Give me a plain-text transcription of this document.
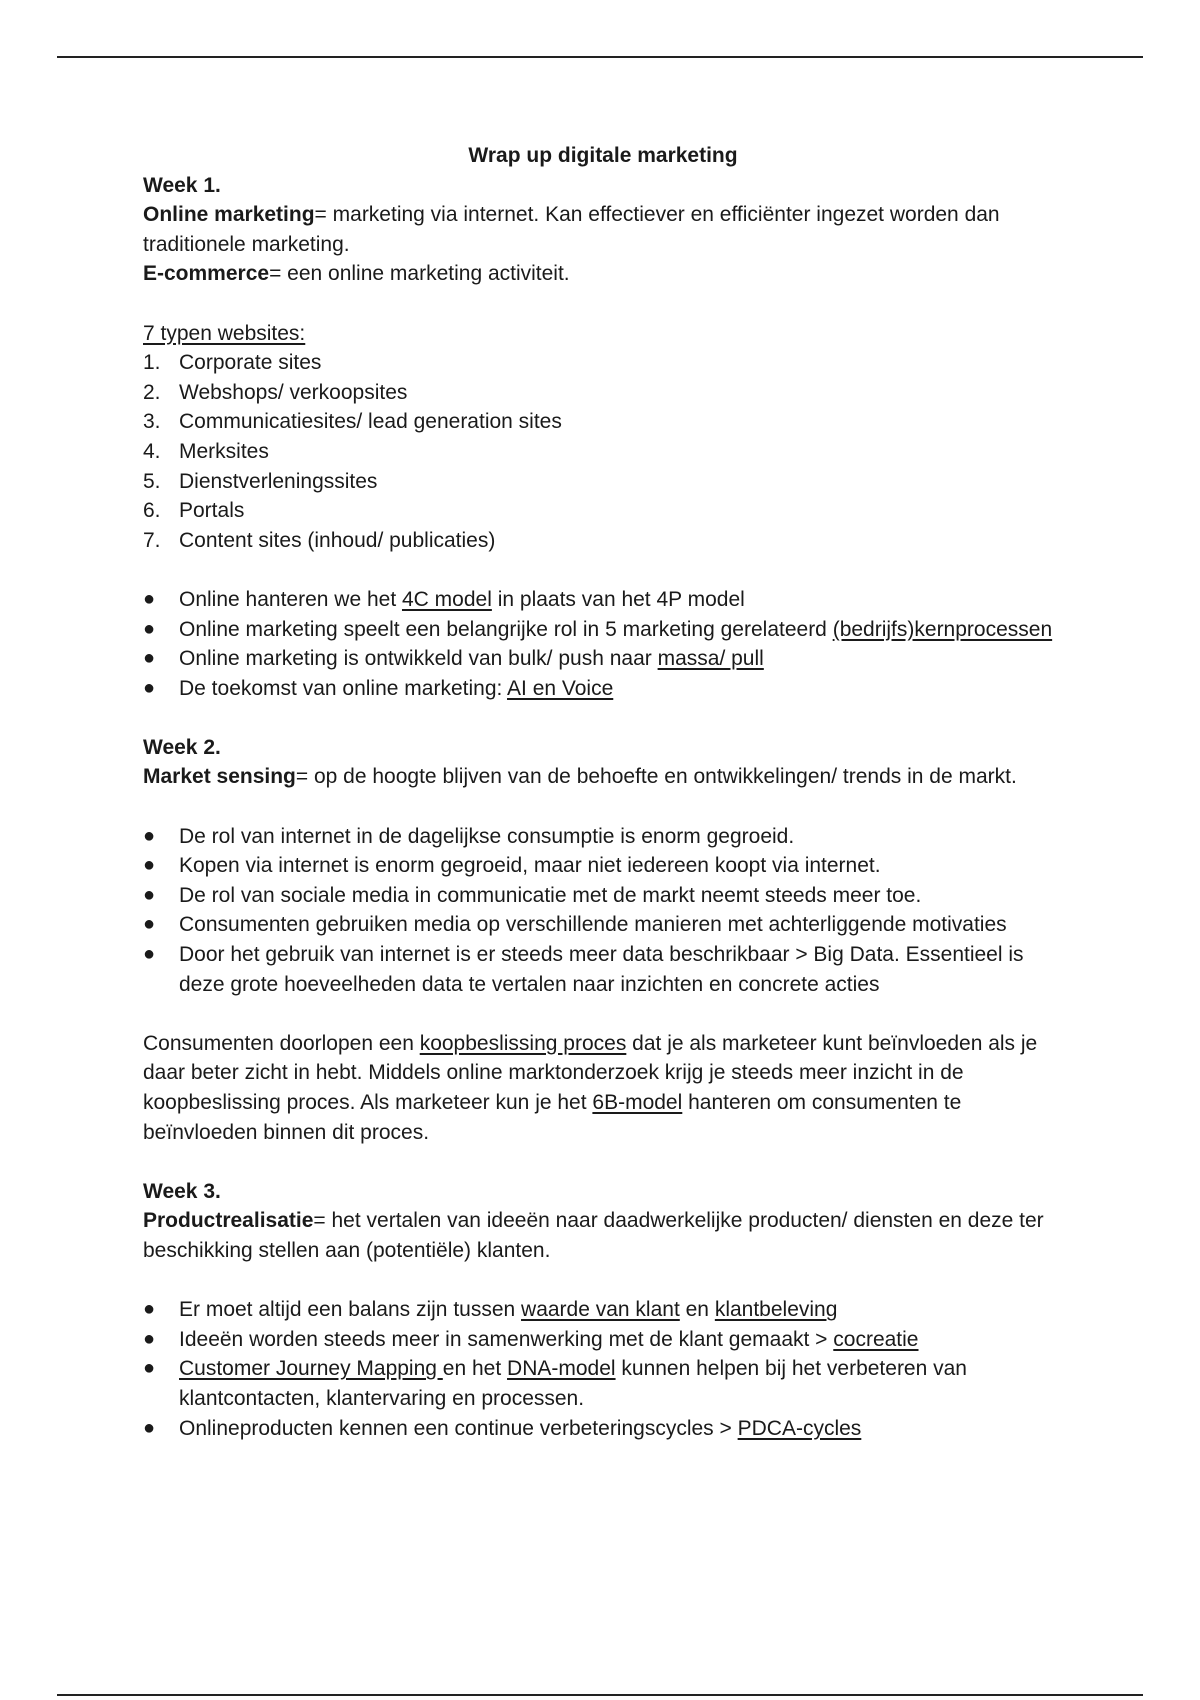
Wrap up digitale marketing

Week 1.

Online marketing= marketing via internet. Kan effectiever en efficiënter ingezet worden dan traditionele marketing.

E-commerce= een online marketing activiteit.

7 typen websites:

1. Corporate sites
2. Webshops/ verkoopsites
3. Communicatiesites/ lead generation sites
4. Merksites
5. Dienstverleningssites
6. Portals
7. Content sites (inhoud/ publicaties)
● Online hanteren we het 4C model in plaats van het 4P model
● Online marketing speelt een belangrijke rol in 5 marketing gerelateerd (bedrijfs)kernprocessen
● Online marketing is ontwikkeld van bulk/ push naar massa/ pull
● De toekomst van online marketing: AI en Voice

Week 2.

Market sensing= op de hoogte blijven van de behoefte en ontwikkelingen/ trends in de markt.

● De rol van internet in de dagelijkse consumptie is enorm gegroeid.
● Kopen via internet is enorm gegroeid, maar niet iedereen koopt via internet.
● De rol van sociale media in communicatie met de markt neemt steeds meer toe.
● Consumenten gebruiken media op verschillende manieren met achterliggende motivaties
● Door het gebruik van internet is er steeds meer data beschrikbaar > Big Data. Essentieel is deze grote hoeveelheden data te vertalen naar inzichten en concrete acties

Consumenten doorlopen een koopbeslissing proces dat je als marketeer kunt beïnvloeden als je daar beter zicht in hebt. Middels online marktonderzoek krijg je steeds meer inzicht in de koopbeslissing proces. Als marketeer kun je het 6B-model hanteren om consumenten te beïnvloeden binnen dit proces.

Week 3.

Productrealisatie= het vertalen van ideeën naar daadwerkelijke producten/ diensten en deze ter beschikking stellen aan (potentiële) klanten.

● Er moet altijd een balans zijn tussen waarde van klant en klantbeleving
● Ideeën worden steeds meer in samenwerking met de klant gemaakt > cocreatie
● Customer Journey Mapping en het DNA-model kunnen helpen bij het verbeteren van klantcontacten, klantervaring en processen.
● Onlineproducten kennen een continue verbeteringscycles > PDCA-cycles
